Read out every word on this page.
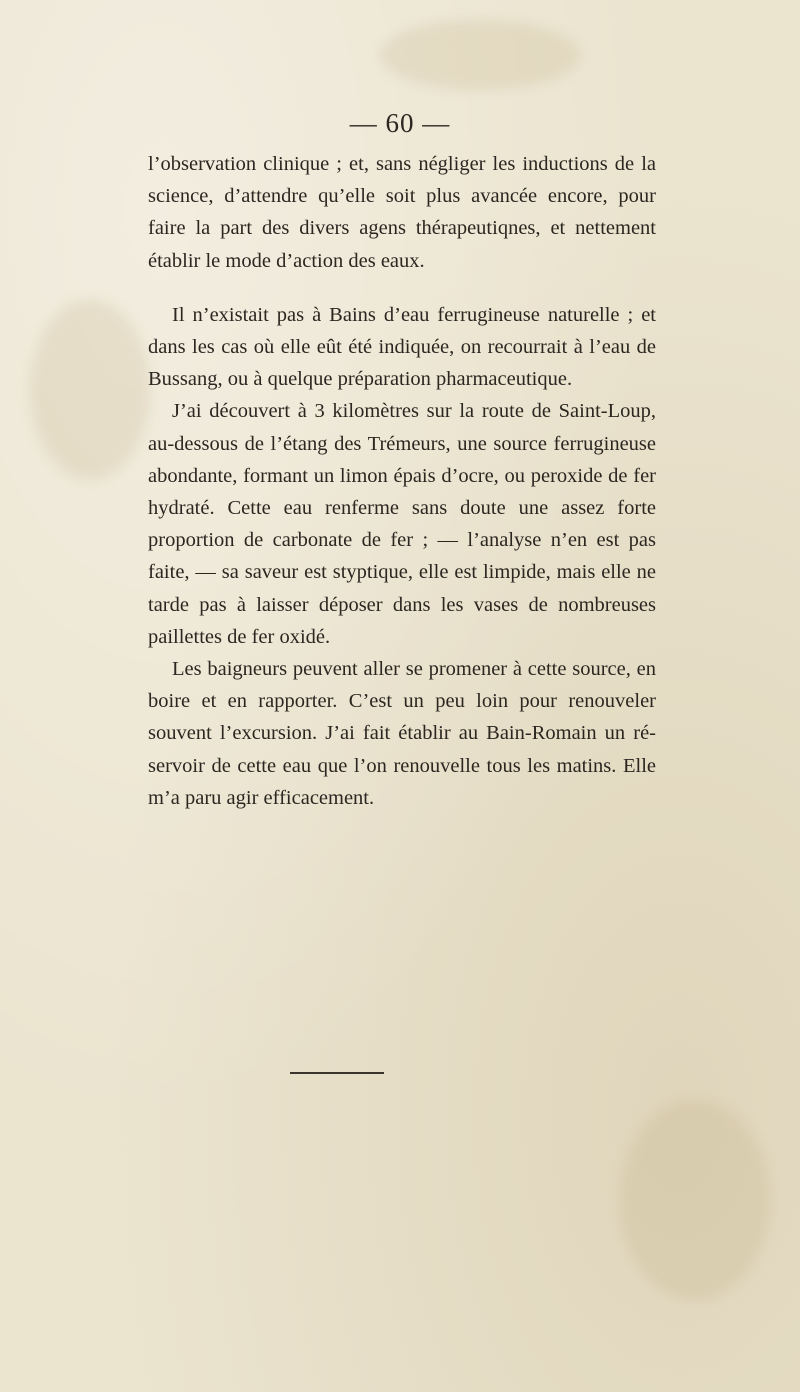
— 60 —

l’observation clinique ; et, sans négliger les inductions de la science, d’attendre qu’elle soit plus avancée encore, pour faire la part des divers agens thérapeutiqnes, et nettement établir le mode d’action des eaux.

Il n’existait pas à Bains d’eau ferrugineuse naturelle ; et dans les cas où elle eût été indiquée, on recourrait à l’eau de Bussang, ou à quelque préparation pharmaceutique.

J’ai découvert à 3 kilomètres sur la route de Saint-Loup, au-dessous de l’étang des Trémeurs, une source ferrugineuse abondante, formant un limon épais d’ocre, ou peroxide de fer hydraté. Cette eau renferme sans doute une assez forte proportion de carbonate de fer ; — l’analyse n’en est pas faite, — sa saveur est styptique, elle est limpide, mais elle ne tarde pas à laisser déposer dans les vases de nombreuses paillettes de fer oxidé.

Les baigneurs peuvent aller se promener à cette source, en boire et en rapporter. C’est un peu loin pour renouveler souvent l’excursion. J’ai fait établir au Bain-Romain un ré- servoir de cette eau que l’on renouvelle tous les matins. Elle m’a paru agir efficacement.
